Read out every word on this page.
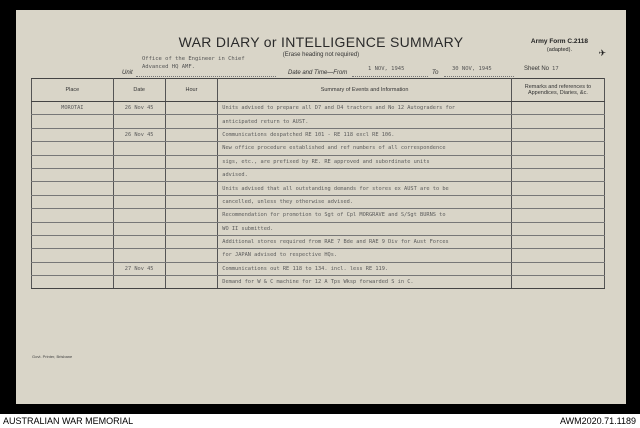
WAR DIARY or INTELLIGENCE SUMMARY
(Erase heading not required)
Army Form C.2118
(adapted).	✈
Office of the Engineer in Chief
Advanced HQ AMF.
Unit	Date and Time—From
1 NOV, 1945
To
30 NOV, 1945	Sheet No 17
Place	Date	Hour	Summary of Events and Information	Remarks and references to Appendices, Diaries, &c.
MOROTAI	26 Nov 45		Units advised to prepare all D7 and D4 tractors and No 12 Autograders for	
			anticipated return to AUST.	
	26 Nov 45		Communications despatched RE 101 - RE 118 excl RE 106.	
			New office procedure established and ref numbers of all correspondence	
			sigs, etc., are prefixed by RE. RE approved and subordinate units	
			advised.	
			Units advised that all outstanding demands for stores ex AUST are to be	
			cancelled, unless they otherwise advised.	
			Recommendation for promotion to Sgt of Cpl MORGRAVE and S/Sgt BURNS to	
			WO II submitted.	
			Additional stores required from RAE 7 Bde and RAE 9 Div for Aust Forces	
			for JAPAN advised to respective HQs.	
	27 Nov 45		Communications out RE 118 to 134. incl. less RE 119.	
			Demand for W & C machine for 12 A Tps Wksp forwarded S in C.	
Govt. Printer, Brisbane
AUSTRALIAN WAR MEMORIAL	AWM2020.71.1189
